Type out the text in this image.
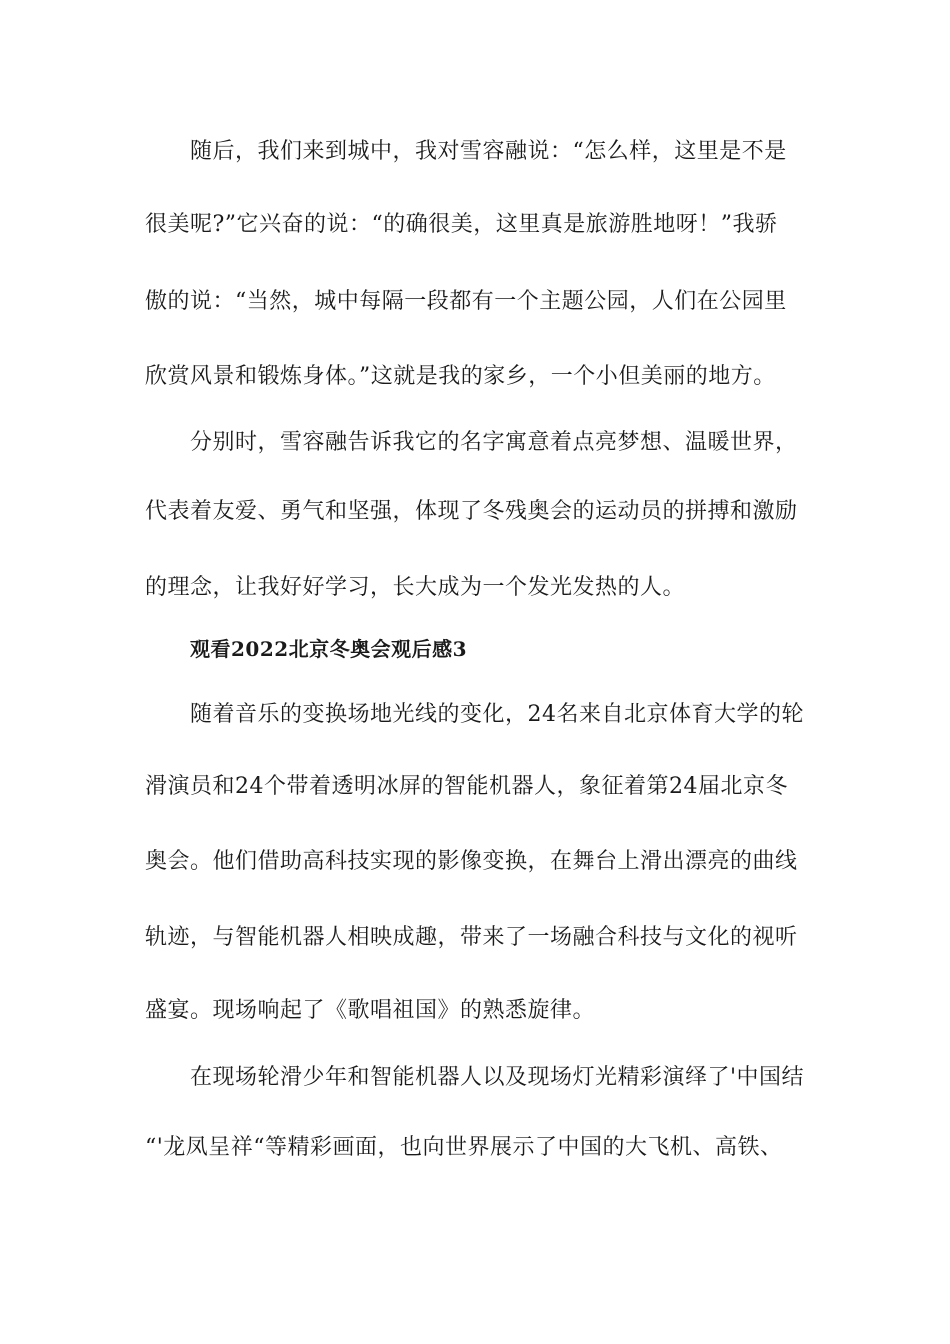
随后，我们来到城中，我对雪容融说：“怎么样，这里是不是
很美呢?”它兴奋的说：“的确很美，这里真是旅游胜地呀！”我骄
傲的说：“当然，城中每隔一段都有一个主题公园，人们在公园里
欣赏风景和锻炼身体。”这就是我的家乡，一个小但美丽的地方。
分别时，雪容融告诉我它的名字寓意着点亮梦想、温暖世界，
代表着友爱、勇气和坚强，体现了冬残奥会的运动员的拼搏和激励
的理念，让我好好学习，长大成为一个发光发热的人。
观看2022北京冬奥会观后感3
随着音乐的变换场地光线的变化，24名来自北京体育大学的轮
滑演员和24个带着透明冰屏的智能机器人，象征着第24届北京冬
奥会。他们借助高科技实现的影像变换，在舞台上滑出漂亮的曲线
轨迹，与智能机器人相映成趣，带来了一场融合科技与文化的视听
盛宴。现场响起了《歌唱祖国》的熟悉旋律。
在现场轮滑少年和智能机器人以及现场灯光精彩演绎了'中国结
“'龙凤呈祥“等精彩画面，也向世界展示了中国的大飞机、高铁、
